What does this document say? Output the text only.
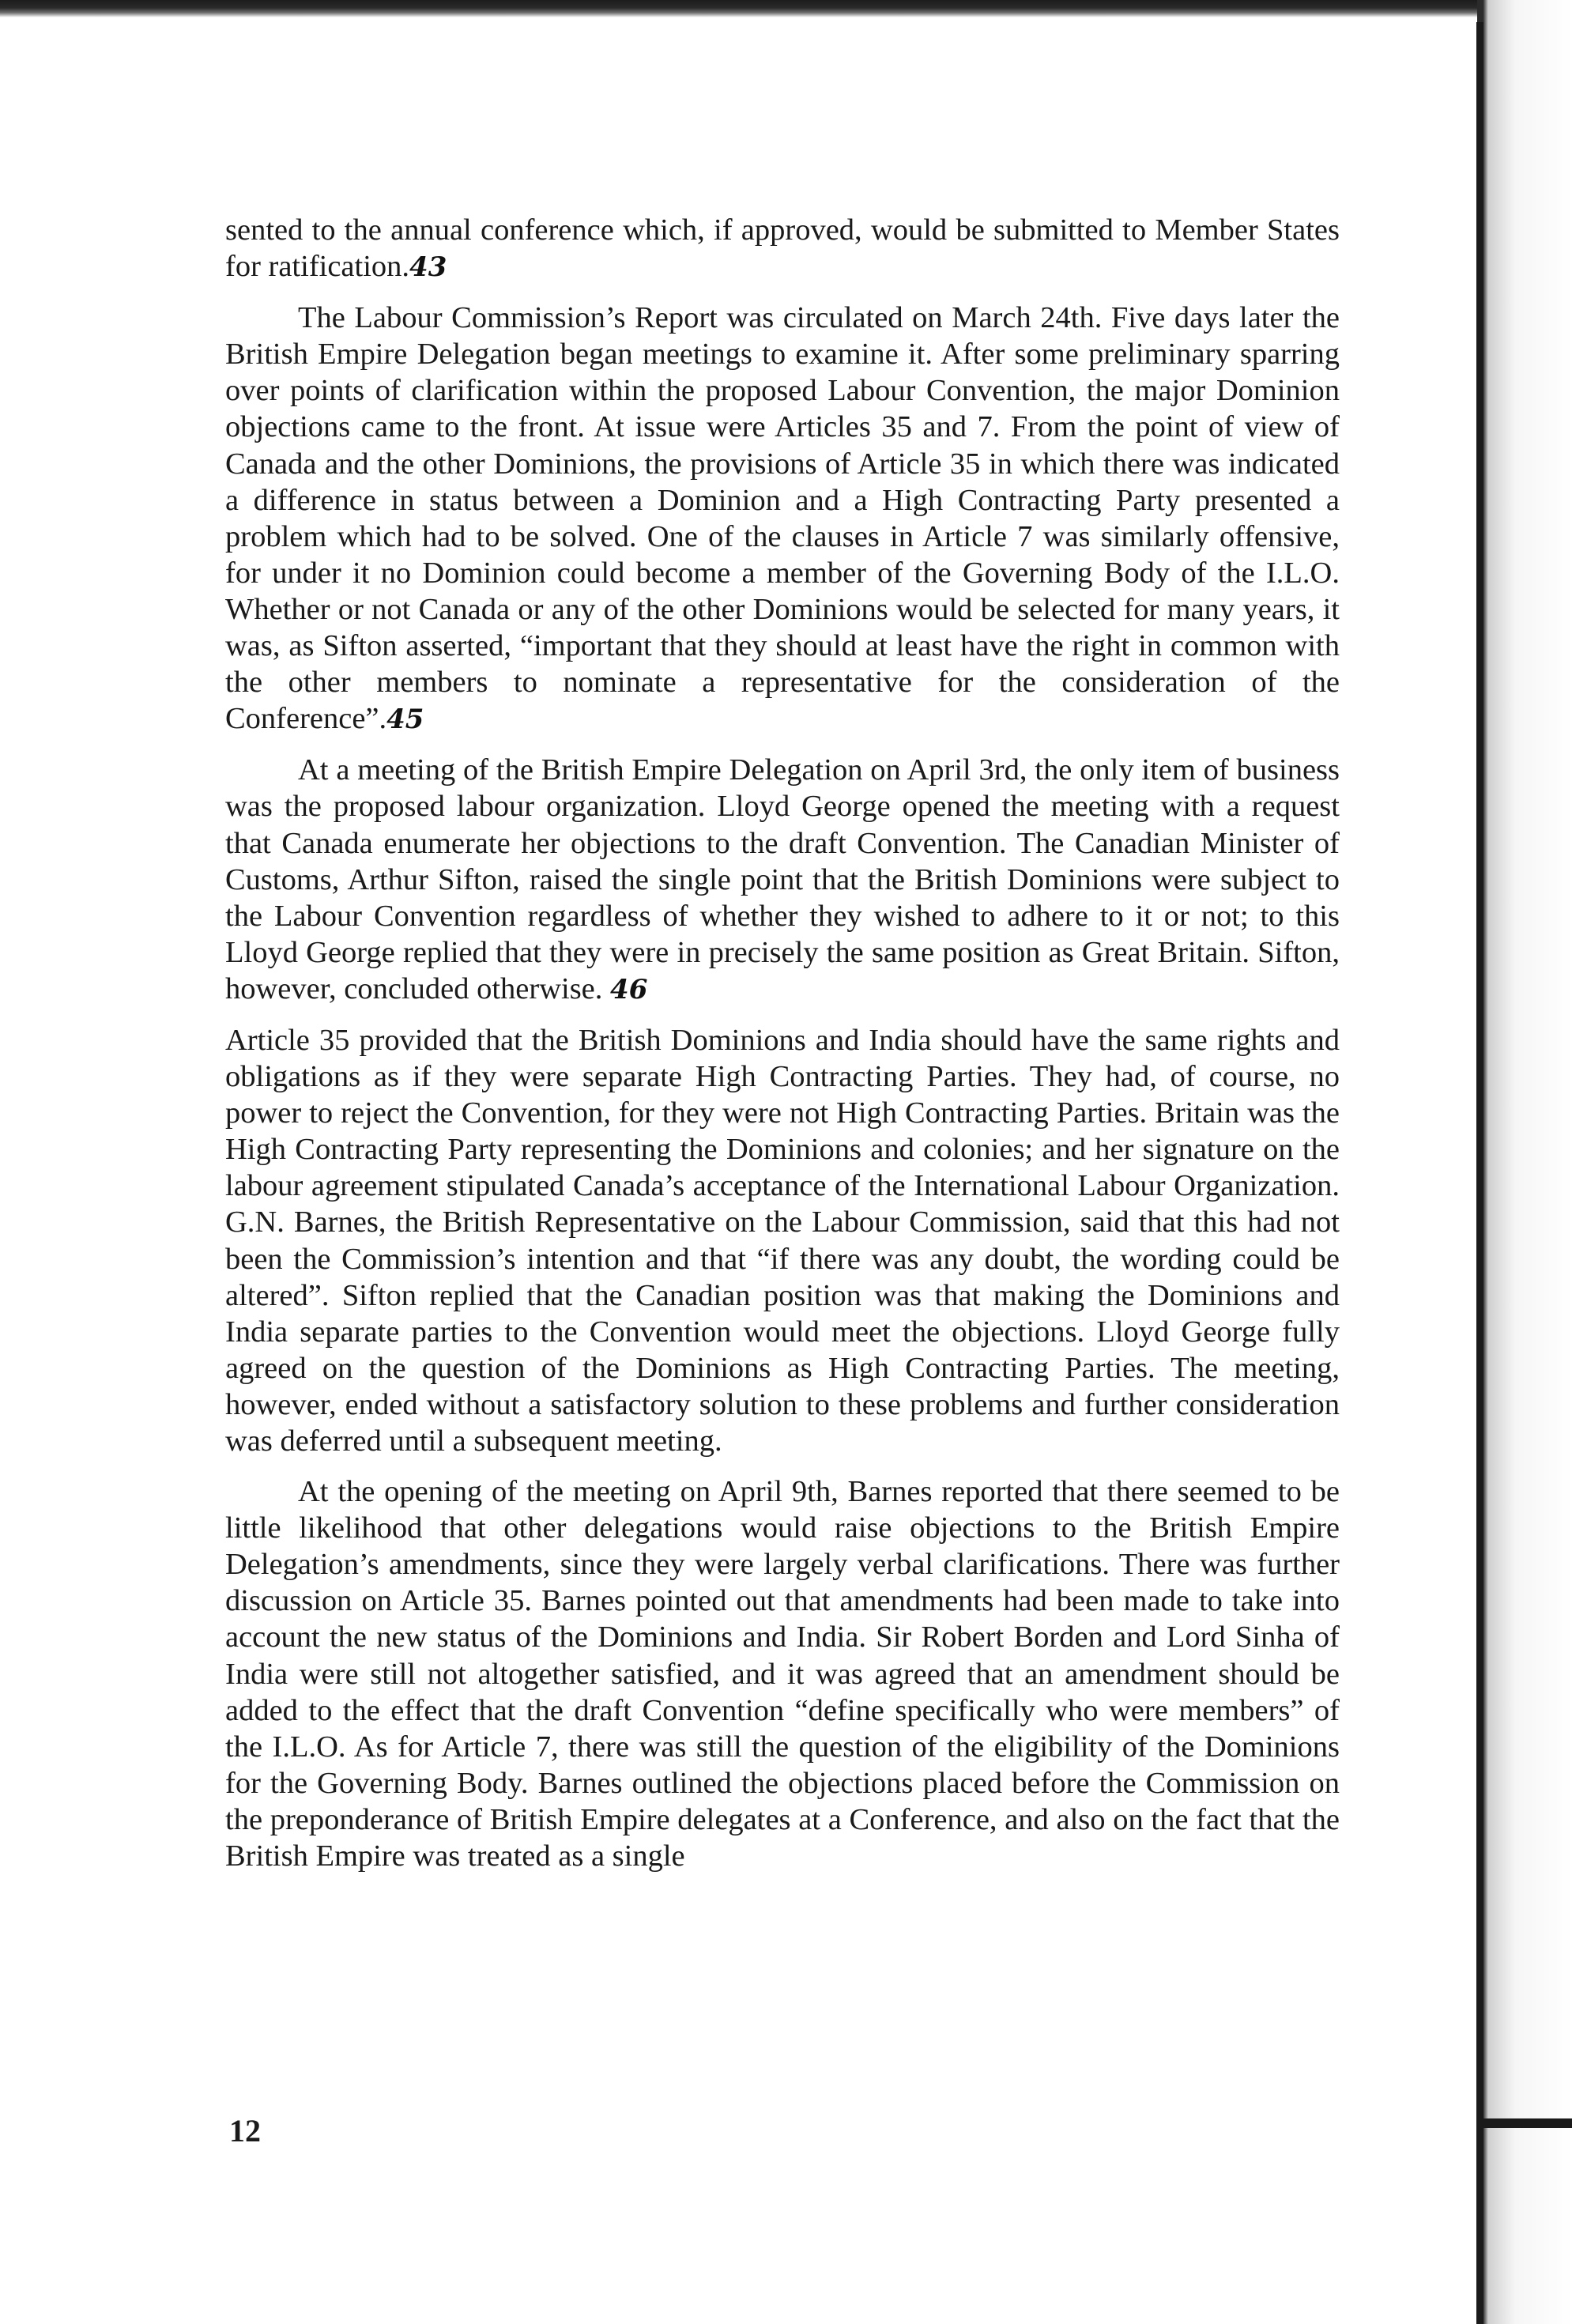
sented to the annual conference which, if approved, would be submitted to Member States for ratification.43

The Labour Commission’s Report was circulated on March 24th. Five days later the British Empire Delegation began meetings to examine it. After some preliminary sparring over points of clarification within the proposed Labour Convention, the major Dominion objections came to the front. At issue were Articles 35 and 7. From the point of view of Canada and the other Dominions, the provisions of Article 35 in which there was indicated a difference in status between a Dominion and a High Contracting Party presented a problem which had to be solved. One of the clauses in Article 7 was similarly offensive, for under it no Dominion could become a member of the Governing Body of the I.L.O. Whether or not Canada or any of the other Dominions would be selected for many years, it was, as Sifton asserted, “important that they should at least have the right in common with the other members to nominate a representative for the consideration of the Conference”.45

At a meeting of the British Empire Delegation on April 3rd, the only item of business was the proposed labour organization. Lloyd George opened the meeting with a request that Canada enumerate her objections to the draft Convention. The Canadian Minister of Customs, Arthur Sifton, raised the single point that the British Dominions were subject to the Labour Convention regardless of whether they wished to adhere to it or not; to this Lloyd George replied that they were in precisely the same position as Great Britain. Sifton, however, concluded otherwise. 46

Article 35 provided that the British Dominions and India should have the same rights and obligations as if they were separate High Contracting Parties. They had, of course, no power to reject the Convention, for they were not High Contracting Parties. Britain was the High Contracting Party representing the Dominions and colonies; and her signature on the labour agreement stipulated Canada’s acceptance of the International Labour Organization. G.N. Barnes, the British Representative on the Labour Commission, said that this had not been the Commission’s intention and that “if there was any doubt, the wording could be altered”. Sifton replied that the Canadian position was that making the Dominions and India separate parties to the Convention would meet the objections. Lloyd George fully agreed on the question of the Dominions as High Contracting Parties. The meeting, however, ended without a satisfactory solution to these problems and further consideration was deferred until a subsequent meeting.

At the opening of the meeting on April 9th, Barnes reported that there seemed to be little likelihood that other delegations would raise objections to the British Empire Delegation’s amendments, since they were largely verbal clarifications. There was further discussion on Article 35. Barnes pointed out that amendments had been made to take into account the new status of the Dominions and India. Sir Robert Borden and Lord Sinha of India were still not altogether satisfied, and it was agreed that an amendment should be added to the effect that the draft Convention “define specifically who were members” of the I.L.O. As for Article 7, there was still the question of the eligibility of the Dominions for the Governing Body. Barnes outlined the objections placed before the Commission on the preponderance of British Empire delegates at a Conference, and also on the fact that the British Empire was treated as a single

12
